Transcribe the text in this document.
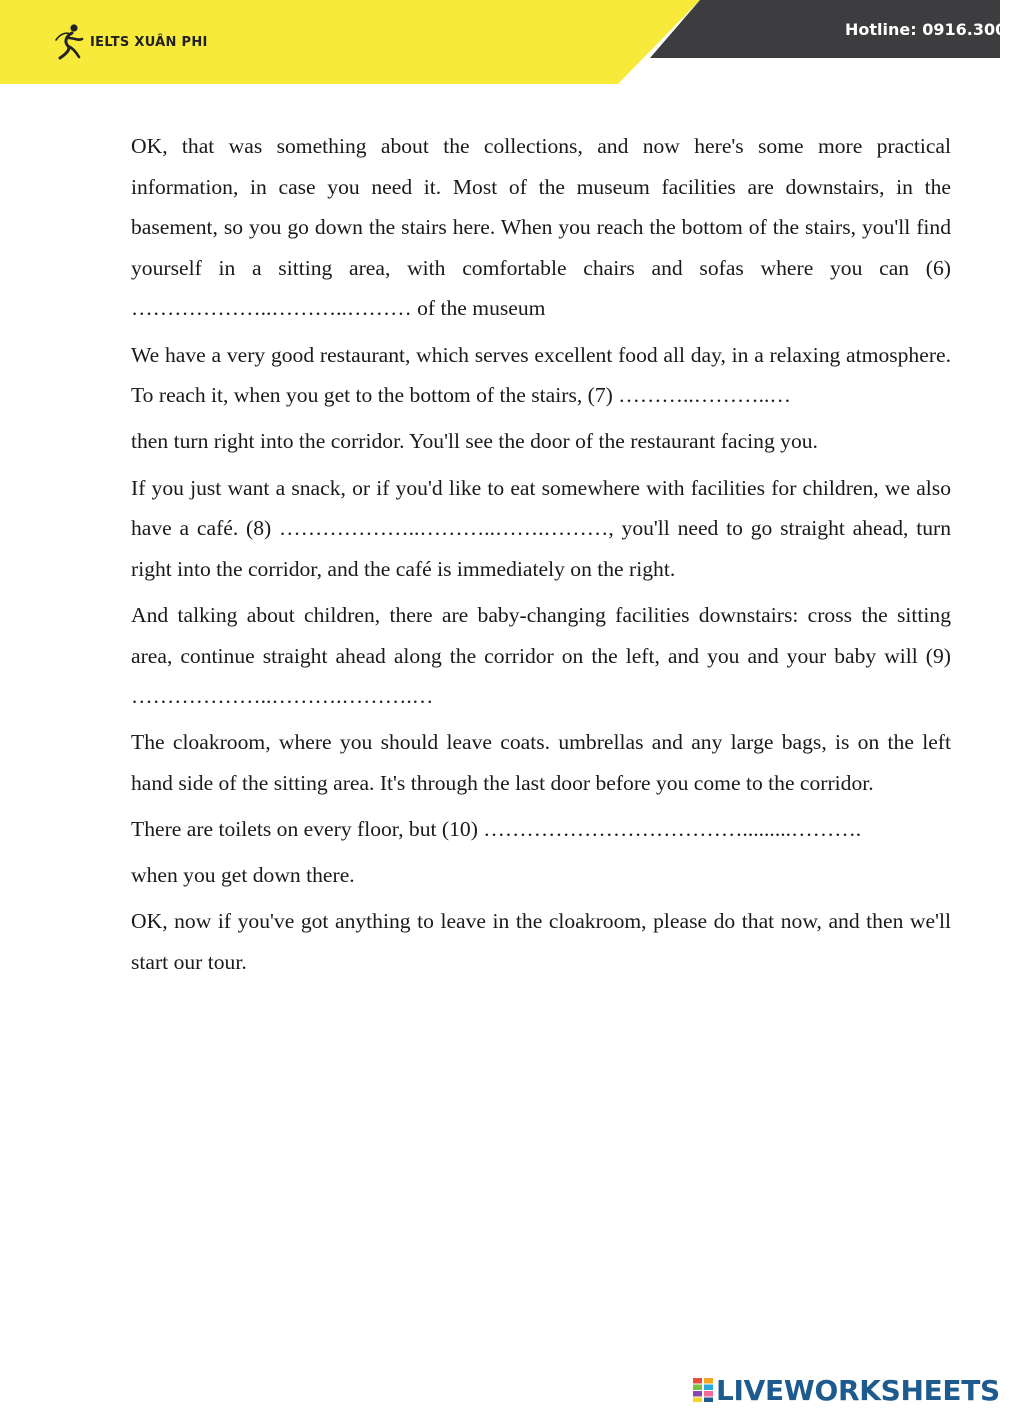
IELTS XUÂN PHI
Hotline: 0916.300.7

OK, that was something about the collections, and now here's some more practical information, in case you need it. Most of the museum facilities are downstairs, in the basement, so you go down the stairs here. When you reach the bottom of the stairs, you'll find yourself in a sitting area, with comfortable chairs and sofas where you can (6) ………………..………..……… of the museum

We have a very good restaurant, which serves excellent food all day, in a relaxing atmosphere. To reach it, when you get to the bottom of the stairs, (7) ………..………..…

then turn right into the corridor. You'll see the door of the restaurant facing you.

If you just want a snack, or if you'd like to eat somewhere with facilities for children, we also have a café. (8) ………………..………..…….………, you'll need to go straight ahead, turn right into the corridor, and the café is immediately on the right.

And talking about children, there are baby-changing facilities downstairs: cross the sitting area, continue straight ahead along the corridor on the left, and you and your baby will (9) ………………..……….……….…

The cloakroom, where you should leave coats. umbrellas and any large bags, is on the left hand side of the sitting area. It's through the last door before you come to the corridor.

There are toilets on every floor, but (10) ……………………………….........……….

when you get down there.

OK, now if you've got anything to leave in the cloakroom, please do that now, and then we'll start our tour.

LIVEWORKSHEETS
